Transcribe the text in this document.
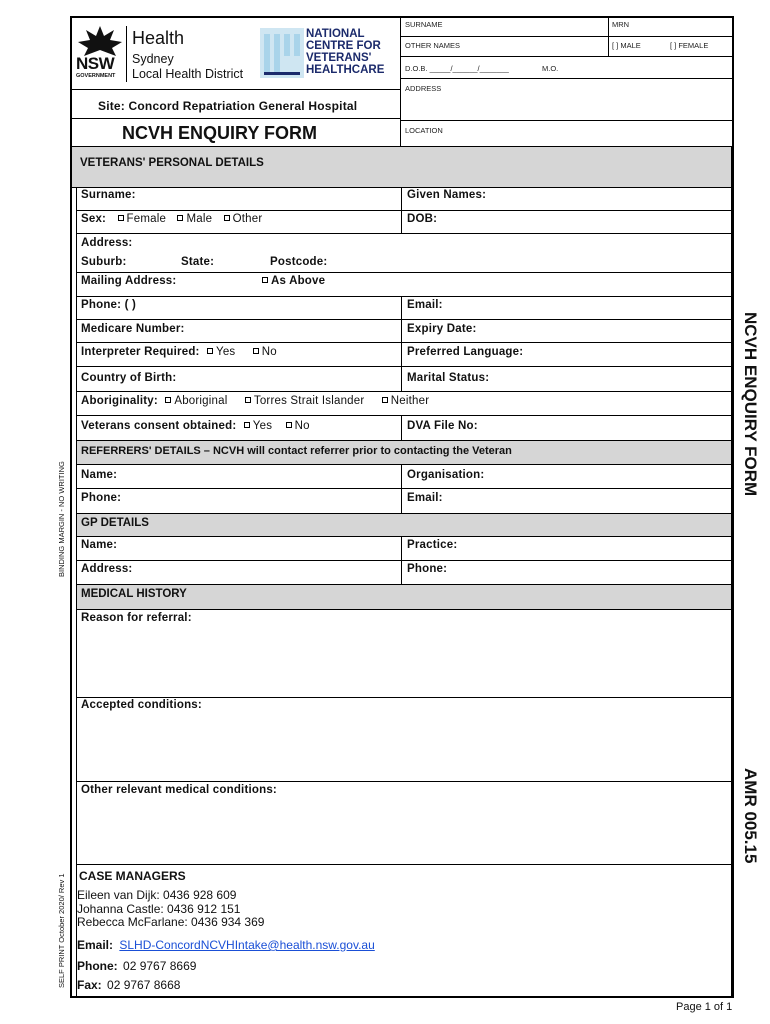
NSW
GOVERNMENT
Health
Sydney
Local Health District
NATIONAL
CENTRE FOR
VETERANS'
HEALTHCARE
Site: Concord Repatriation General Hospital
NCVH ENQUIRY FORM
SURNAME	MRN
OTHER NAMES	[ ] MALE	[ ] FEMALE
D.O.B. _____/______/_______	M.O.
ADDRESS
LOCATION
VETERANS' PERSONAL DETAILS
Surname:	Given Names:
Sex: Female Male Other	DOB:
Address:
Suburb:	State:	Postcode:
Mailing Address:	As Above
Phone: ( )	Email:
Medicare Number:	Expiry Date:
Interpreter Required: Yes No	Preferred Language:
Country of Birth:	Marital Status:
Aboriginality: Aboriginal Torres Strait Islander Neither
Veterans consent obtained: Yes No	DVA File No:
REFERRERS' DETAILS – NCVH will contact referrer prior to contacting the Veteran
Name:	Organisation:
Phone:	Email:
GP DETAILS
Name:	Practice:
Address:	Phone:
MEDICAL HISTORY
Reason for referral:
Accepted conditions:
Other relevant medical conditions:
CASE MANAGERS
Eileen van Dijk: 0436 928 609
Johanna Castle: 0436 912 151
Rebecca McFarlane: 0436 934 369
Email: SLHD-ConcordNCVHIntake@health.nsw.gov.au
Phone: 02 9767 8669
Fax: 02 9767 8668
BINDING MARGIN - NO WRITING
SELF PRINT October 2020/ Rev 1
NCVH ENQUIRY FORM
AMR 005.15
Page 1 of 1
